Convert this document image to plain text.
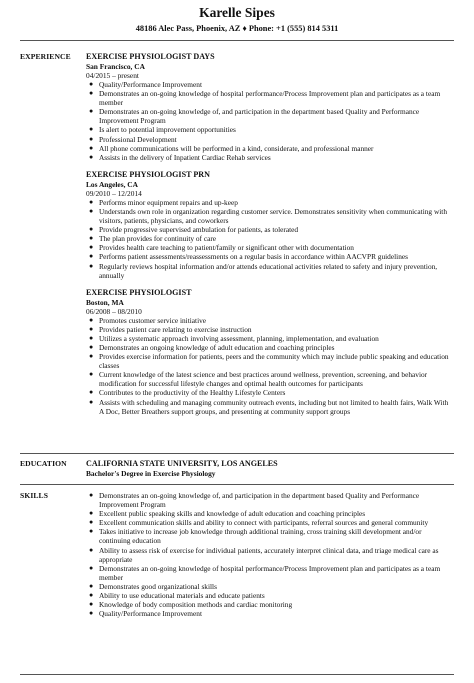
Karelle Sipes
48186 Alec Pass, Phoenix, AZ ♦ Phone: +1 (555) 814 5311
EXPERIENCE	EXERCISE PHYSIOLOGIST DAYS
San Francisco, CA
04/2015 – present
● Quality/Performance Improvement
● Demonstrates an on-going knowledge of hospital performance/Process Improvement plan and participates as a team member
● Demonstrates an on-going knowledge of, and participation in the department based Quality and Performance Improvement Program
● Is alert to potential improvement opportunities
● Professional Development
● All phone communications will be performed in a kind, considerate, and professional manner
● Assists in the delivery of Inpatient Cardiac Rehab services
EXERCISE PHYSIOLOGIST PRN
Los Angeles, CA
09/2010 – 12/2014
● Performs minor equipment repairs and up-keep
● Understands own role in organization regarding customer service. Demonstrates sensitivity when communicating with visitors, patients, physicians, and coworkers
● Provide progressive supervised ambulation for patients, as tolerated
● The plan provides for continuity of care
● Provides health care teaching to patient/family or significant other with documentation
● Performs patient assessments/reassessments on a regular basis in accordance within AACVPR guidelines
● Regularly reviews hospital information and/or attends educational activities related to safety and injury prevention, annually
EXERCISE PHYSIOLOGIST
Boston, MA
06/2008 – 08/2010
● Promotes customer service initiative
● Provides patient care relating to exercise instruction
● Utilizes a systematic approach involving assessment, planning, implementation, and evaluation
● Demonstrates an ongoing knowledge of adult education and coaching principles
● Provides exercise information for patients, peers and the community which may include public speaking and education classes
● Current knowledge of the latest science and best practices around wellness, prevention, screening, and behavior modification for successful lifestyle changes and optimal health outcomes for participants
● Contributes to the productivity of the Healthy Lifestyle Centers
● Assists with scheduling and managing community outreach events, including but not limited to health fairs, Walk With A Doc, Better Breathers support groups, and presenting at community support groups
EDUCATION	CALIFORNIA STATE UNIVERSITY, LOS ANGELES
Bachelor's Degree in Exercise Physiology
SKILLS	● Demonstrates an on-going knowledge of, and participation in the department based Quality and Performance Improvement Program
● Excellent public speaking skills and knowledge of adult education and coaching principles
● Excellent communication skills and ability to connect with participants, referral sources and general community
● Takes initiative to increase job knowledge through additional training, cross training skill development and/or continuing education
● Ability to assess risk of exercise for individual patients, accurately interpret clinical data, and triage medical care as appropriate
● Demonstrates an on-going knowledge of hospital performance/Process Improvement plan and participates as a team member
● Demonstrates good organizational skills
● Ability to use educational materials and educate patients
● Knowledge of body composition methods and cardiac monitoring
● Quality/Performance Improvement
